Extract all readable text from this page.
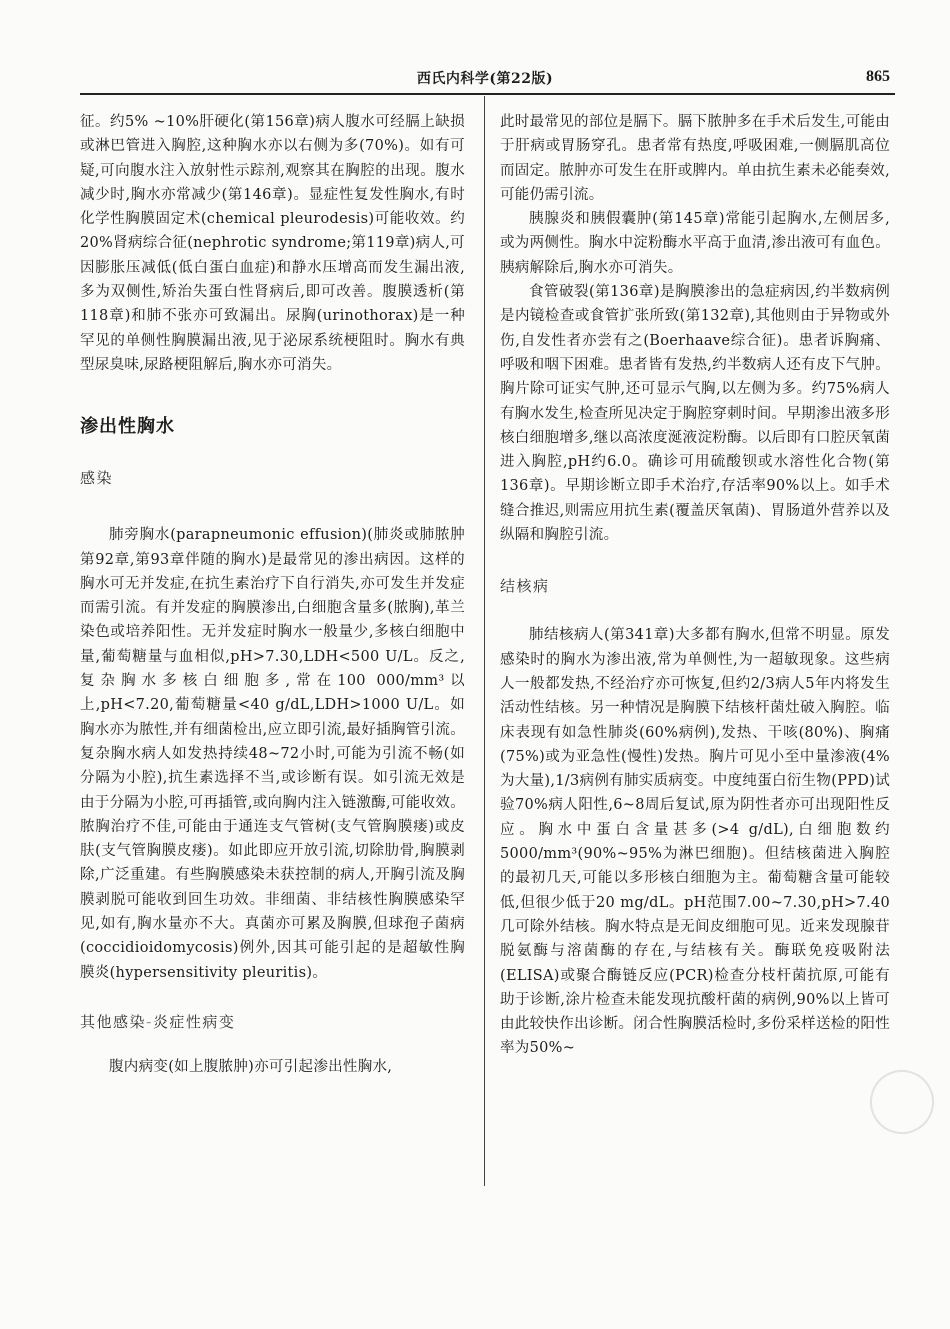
西氏内科学(第22版)	865

征。约5% ~10%肝硬化(第156章)病人腹水可经膈上缺损或淋巴管进入胸腔,这种胸水亦以右侧为多(70%)。如有可疑,可向腹水注入放射性示踪剂,观察其在胸腔的出现。腹水减少时,胸水亦常减少(第146章)。显症性复发性胸水,有时化学性胸膜固定术(chemical pleurodesis)可能收效。约20%肾病综合征(nephrotic syndrome;第119章)病人,可因膨胀压减低(低白蛋白血症)和静水压增高而发生漏出液,多为双侧性,矫治失蛋白性肾病后,即可改善。腹膜透析(第118章)和肺不张亦可致漏出。尿胸(urinothorax)是一种罕见的单侧性胸膜漏出液,见于泌尿系统梗阻时。胸水有典型尿臭味,尿路梗阻解后,胸水亦可消失。

渗出性胸水
感染

肺旁胸水(parapneumonic effusion)(肺炎或肺脓肿第92章,第93章伴随的胸水)是最常见的渗出病因。这样的胸水可无并发症,在抗生素治疗下自行消失,亦可发生并发症而需引流。有并发症的胸膜渗出,白细胞含量多(脓胸),革兰染色或培养阳性。无并发症时胸水一般量少,多核白细胞中量,葡萄糖量与血相似,pH>7.30,LDH<500 U/L。反之,复杂胸水多核白细胞多,常在100 000/mm³以上,pH<7.20,葡萄糖量<40 g/dL,LDH>1000 U/L。如胸水亦为脓性,并有细菌检出,应立即引流,最好插胸管引流。复杂胸水病人如发热持续48~72小时,可能为引流不畅(如分隔为小腔),抗生素选择不当,或诊断有误。如引流无效是由于分隔为小腔,可再插管,或向胸内注入链激酶,可能收效。脓胸治疗不佳,可能由于通连支气管树(支气管胸膜瘘)或皮肤(支气管胸膜皮瘘)。如此即应开放引流,切除肋骨,胸膜剥除,广泛重建。有些胸膜感染未获控制的病人,开胸引流及胸膜剥脱可能收到回生功效。非细菌、非结核性胸膜感染罕见,如有,胸水量亦不大。真菌亦可累及胸膜,但球孢子菌病(coccidioidomycosis)例外,因其可能引起的是超敏性胸膜炎(hypersensitivity pleuritis)。

其他感染-炎症性病变

腹内病变(如上腹脓肿)亦可引起渗出性胸水,

此时最常见的部位是膈下。膈下脓肿多在手术后发生,可能由于肝病或胃肠穿孔。患者常有热度,呼吸困难,一侧膈肌高位而固定。脓肿亦可发生在肝或脾内。单由抗生素未必能奏效,可能仍需引流。

胰腺炎和胰假囊肿(第145章)常能引起胸水,左侧居多,或为两侧性。胸水中淀粉酶水平高于血清,渗出液可有血色。胰病解除后,胸水亦可消失。

食管破裂(第136章)是胸膜渗出的急症病因,约半数病例是内镜检查或食管扩张所致(第132章),其他则由于异物或外伤,自发性者亦尝有之(Boerhaave综合征)。患者诉胸痛、呼吸和咽下困难。患者皆有发热,约半数病人还有皮下气肿。胸片除可证实气肿,还可显示气胸,以左侧为多。约75%病人有胸水发生,检查所见决定于胸腔穿刺时间。早期渗出液多形核白细胞增多,继以高浓度涎液淀粉酶。以后即有口腔厌氧菌进入胸腔,pH约6.0。确诊可用硫酸钡或水溶性化合物(第136章)。早期诊断立即手术治疗,存活率90%以上。如手术缝合推迟,则需应用抗生素(覆盖厌氧菌)、胃肠道外营养以及纵隔和胸腔引流。

结核病

肺结核病人(第341章)大多都有胸水,但常不明显。原发感染时的胸水为渗出液,常为单侧性,为一超敏现象。这些病人一般都发热,不经治疗亦可恢复,但约2/3病人5年内将发生活动性结核。另一种情况是胸膜下结核杆菌灶破入胸腔。临床表现有如急性肺炎(60%病例),发热、干咳(80%)、胸痛(75%)或为亚急性(慢性)发热。胸片可见小至中量渗液(4%为大量),1/3病例有肺实质病变。中度纯蛋白衍生物(PPD)试验70%病人阳性,6~8周后复试,原为阴性者亦可出现阳性反应。胸水中蛋白含量甚多(>4 g/dL),白细胞数约5000/mm³(90%~95%为淋巴细胞)。但结核菌进入胸腔的最初几天,可能以多形核白细胞为主。葡萄糖含量可能较低,但很少低于20 mg/dL。pH范围7.00~7.30,pH>7.40几可除外结核。胸水特点是无间皮细胞可见。近来发现腺苷脱氨酶与溶菌酶的存在,与结核有关。酶联免疫吸附法(ELISA)或聚合酶链反应(PCR)检查分枝杆菌抗原,可能有助于诊断,涂片检查未能发现抗酸杆菌的病例,90%以上皆可由此较快作出诊断。闭合性胸膜活检时,多份采样送检的阳性率为50%~
